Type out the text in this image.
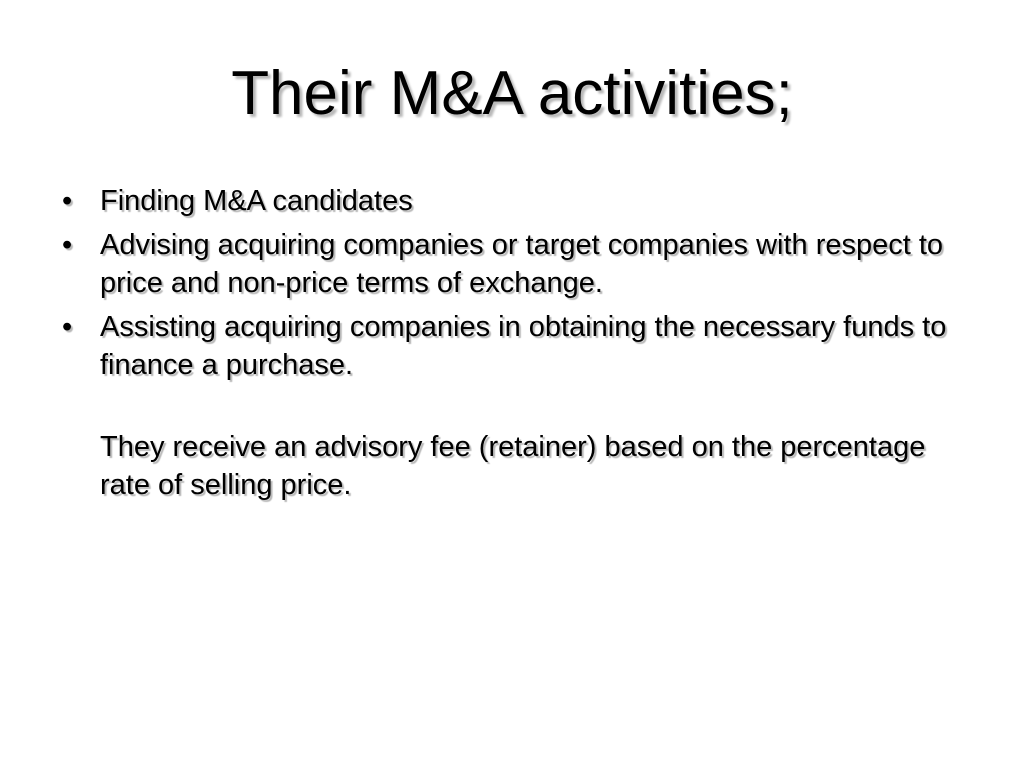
Their M&A activities;
• Finding M&A candidates
• Advising acquiring companies or target companies with respect to price and non-price terms of exchange.
• Assisting acquiring companies in obtaining the necessary funds to finance a purchase.

They receive an advisory fee (retainer) based on the percentage rate of selling price.
